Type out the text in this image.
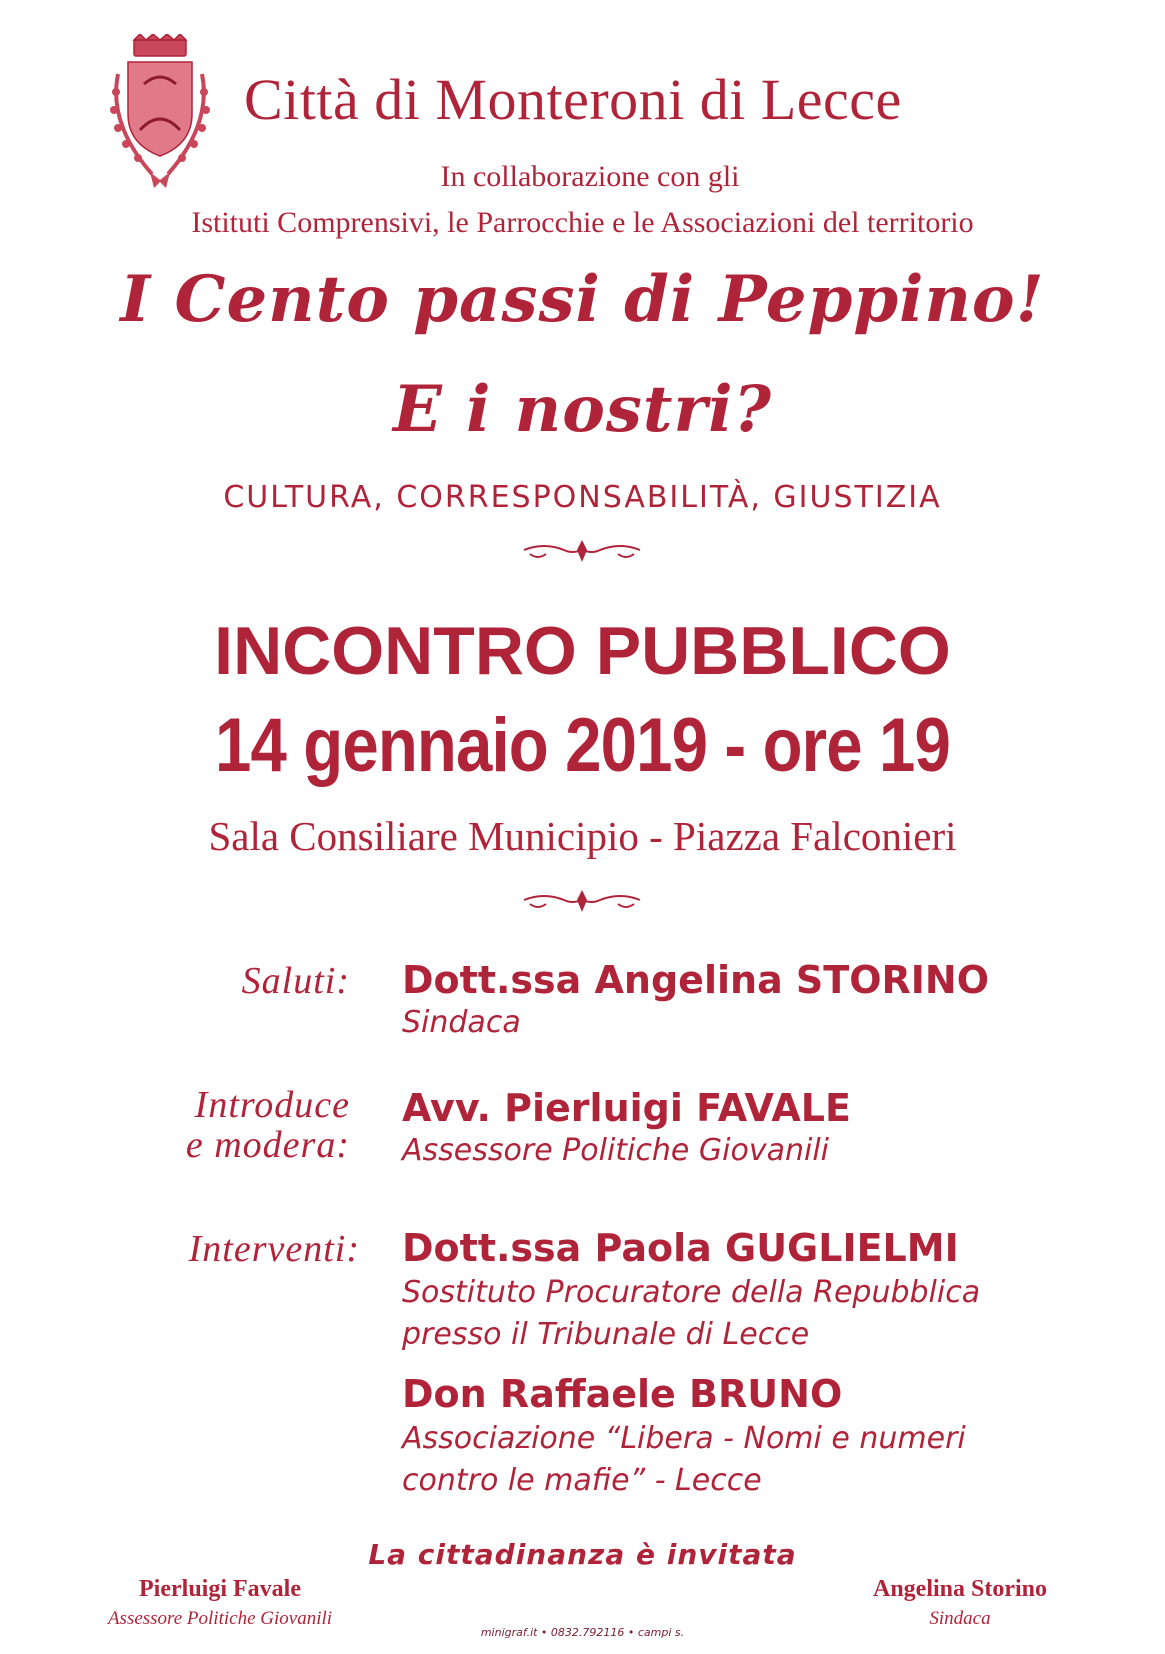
Città di Monteroni di Lecce
In collaborazione con gli
Istituti Comprensivi, le Parrocchie e le Associazioni del territorio
I Cento passi di Peppino!
E i nostri?
CULTURA, CORRESPONSABILITÀ, GIUSTIZIA
INCONTRO PUBBLICO
14 gennaio 2019 - ore 19
Sala Consiliare Municipio - Piazza Falconieri
Saluti: Dott.ssa Angelina STORINO
Sindaca
Introduce
e modera:
Avv. Pierluigi FAVALE
Assessore Politiche Giovanili
Interventi: Dott.ssa Paola GUGLIELMI
Sostituto Procuratore della Repubblica
presso il Tribunale di Lecce
Don Raffaele BRUNO
Associazione “Libera - Nomi e numeri
contro le mafie” - Lecce
La cittadinanza è invitata
Pierluigi Favale
Assessore Politiche Giovanili
Angelina Storino
Sindaca
minigraf.it • 0832.792116 • campi s.
